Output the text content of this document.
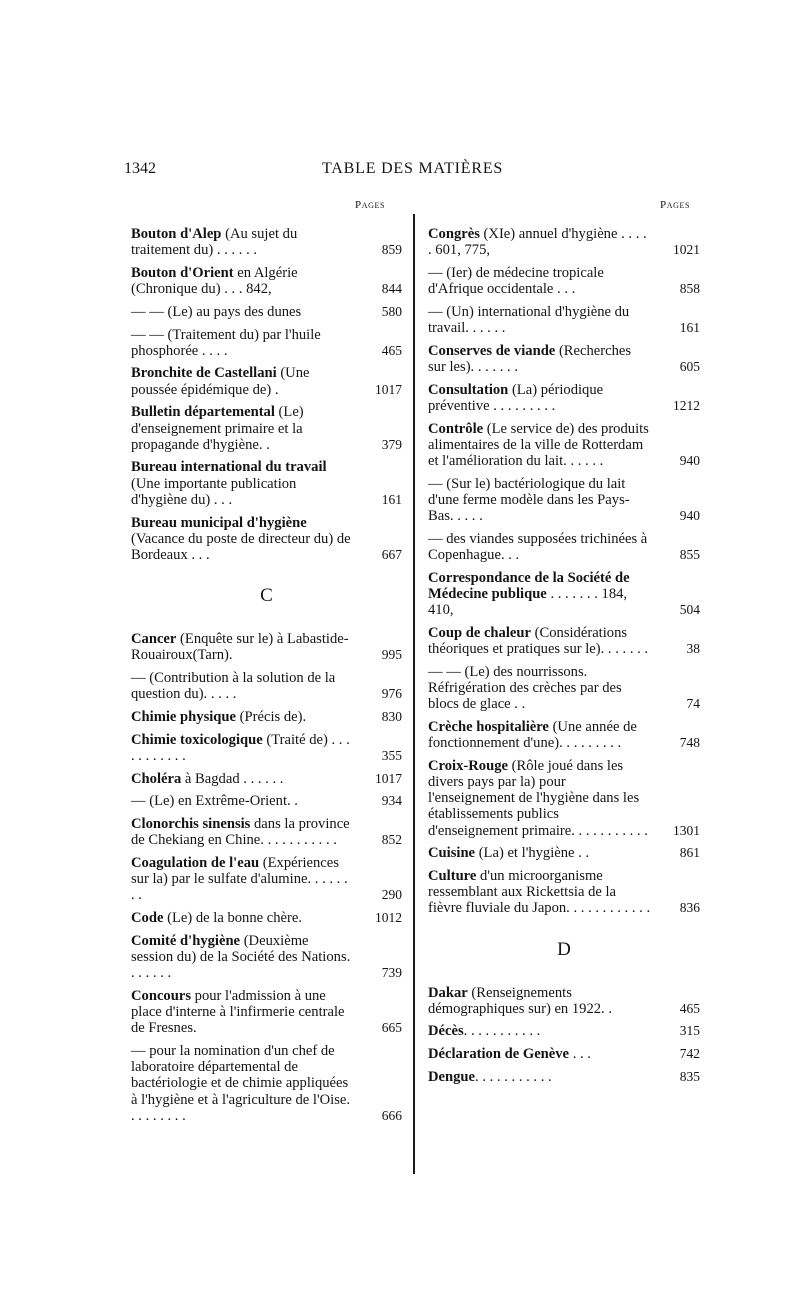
1342	TABLE DES MATIÈRES
Pages	Pages
Bouton d'Alep (Au sujet du traitement du) . . . . . .	859
Bouton d'Orient en Algérie (Chronique du) . . . 842,	844
— — (Le) au pays des dunes	580
— — (Traitement du) par l'huile phosphorée . . . .	465
Bronchite de Castellani (Une poussée épidémique de) .	1017
Bulletin départemental (Le) d'enseignement primaire et la propagande d'hygiène. .	379
Bureau international du travail (Une importante publication d'hygiène du) . . .	161
Bureau municipal d'hygiène (Vacance du poste de directeur du) de Bordeaux . . .	667
C
Cancer (Enquête sur le) à Labastide-Rouairoux(Tarn).	995
— (Contribution à la solution de la question du). . . . .	976
Chimie physique (Précis de).	830
Chimie toxicologique (Traité de) . . . . . . . . . . .	355
Choléra à Bagdad . . . . . .	1017
— (Le) en Extrême-Orient. .	934
Clonorchis sinensis dans la province de Chekiang en Chine. . . . . . . . . . .	852
Coagulation de l'eau (Expériences sur la) par le sulfate d'alumine. . . . . . . .	290
Code (Le) de la bonne chère.	1012
Comité d'hygiène (Deuxième session du) de la Société des Nations. . . . . . .	739
Concours pour l'admission à une place d'interne à l'infirmerie centrale de Fresnes.	665
— pour la nomination d'un chef de laboratoire départemental de bactériologie et de chimie appliquées à l'hygiène et à l'agriculture de l'Oise. . . . . . . . .	666
Congrès (XIe) annuel d'hygiène . . . . . 601, 775,	1021
— (Ier) de médecine tropicale d'Afrique occidentale . . .	858
— (Un) international d'hygiène du travail. . . . . .	161
Conserves de viande (Recherches sur les). . . . . . .	605
Consultation (La) périodique préventive . . . . . . . . .	1212
Contrôle (Le service de) des produits alimentaires de la ville de Rotterdam et l'amélioration du lait. . . . . .	940
— (Sur le) bactériologique du lait d'une ferme modèle dans les Pays-Bas. . . . .	940
— des viandes supposées trichinées à Copenhague. . .	855
Correspondance de la Société de Médecine publique . . . . . . . 184, 410,	504
Coup de chaleur (Considérations théoriques et pratiques sur le). . . . . . .	38
— — (Le) des nourrissons. Réfrigération des crèches par des blocs de glace . .	74
Crèche hospitalière (Une année de fonctionnement d'une). . . . . . . . .	748
Croix-Rouge (Rôle joué dans les divers pays par la) pour l'enseignement de l'hygiène dans les établissements publics d'enseignement primaire. . . . . . . . . . .	1301
Cuisine (La) et l'hygiène . .	861
Culture d'un microorganisme ressemblant aux Rickettsia de la fièvre fluviale du Japon. . . . . . . . . . . .	836
D
Dakar (Renseignements démographiques sur) en 1922. .	465
Décès. . . . . . . . . . .	315
Déclaration de Genève . . .	742
Dengue. . . . . . . . . . .	835
